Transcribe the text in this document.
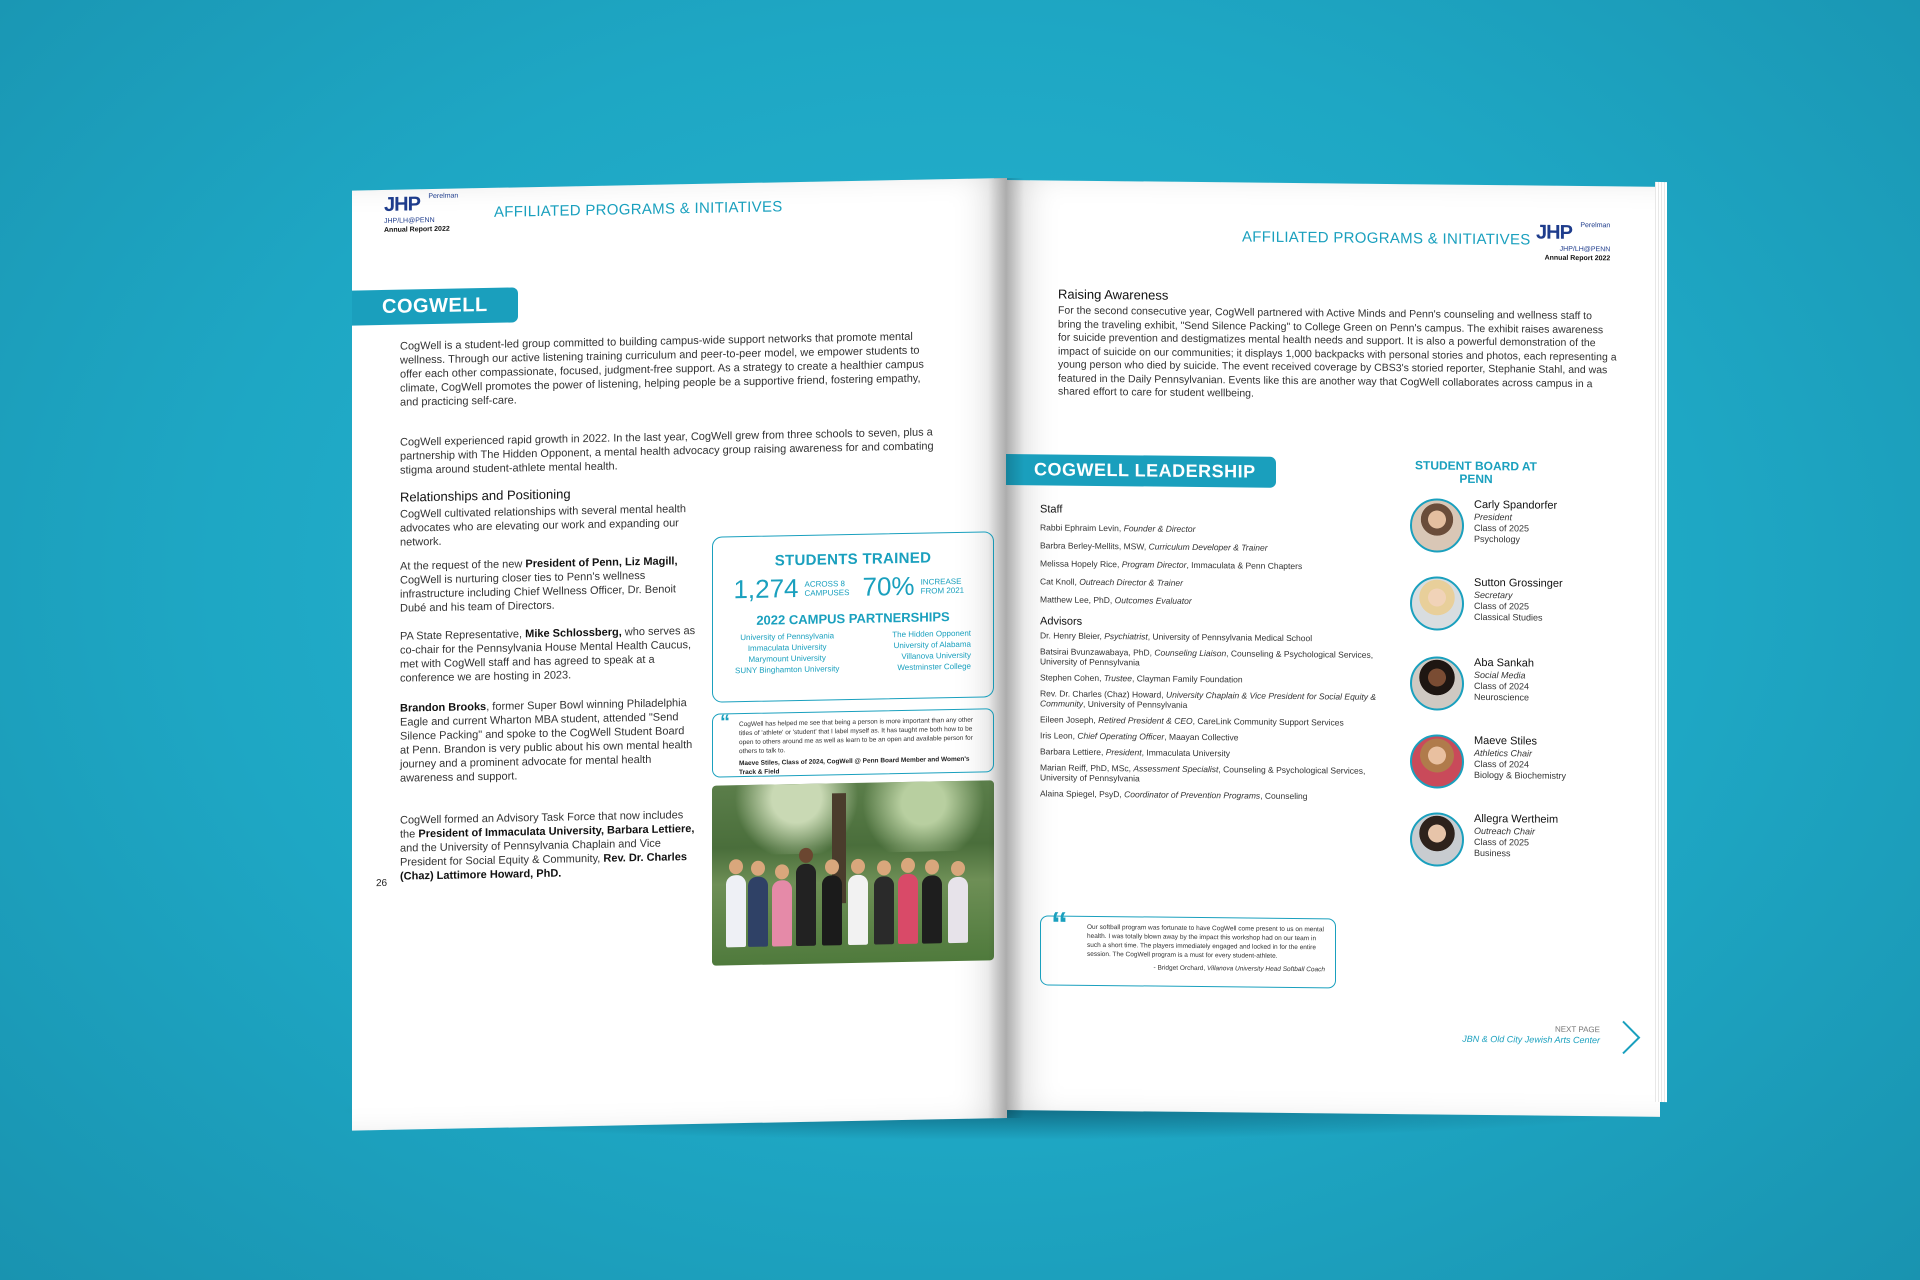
JHP Perelman
JHP/LH@PENN
Annual Report 2022
AFFILIATED PROGRAMS & INITIATIVES
COGWELL
CogWell is a student-led group committed to building campus-wide support networks that promote mental wellness. Through our active listening training curriculum and peer-to-peer model, we empower students to offer each other compassionate, focused, judgment-free support. As a strategy to create a healthier campus climate, CogWell promotes the power of listening, helping people be a supportive friend, fostering empathy, and practicing self-care.
CogWell experienced rapid growth in 2022. In the last year, CogWell grew from three schools to seven, plus a partnership with The Hidden Opponent, a mental health advocacy group raising awareness for and combating stigma around student-athlete mental health.
Relationships and Positioning
CogWell cultivated relationships with several mental health advocates who are elevating our work and expanding our network.
At the request of the new President of Penn, Liz Magill, CogWell is nurturing closer ties to Penn's wellness infrastructure including Chief Wellness Officer, Dr. Benoit Dubé and his team of Directors.
PA State Representative, Mike Schlossberg, who serves as co-chair for the Pennsylvania House Mental Health Caucus, met with CogWell staff and has agreed to speak at a conference we are hosting in 2023.
Brandon Brooks, former Super Bowl winning Philadelphia Eagle and current Wharton MBA student, attended "Send Silence Packing" and spoke to the CogWell Student Board at Penn. Brandon is very public about his own mental health journey and a prominent advocate for mental health awareness and support.
CogWell formed an Advisory Task Force that now includes the President of Immaculata University, Barbara Lettiere, and the University of Pennsylvania Chaplain and Vice President for Social Equity & Community, Rev. Dr. Charles (Chaz) Lattimore Howard, PhD.
STUDENTS TRAINED
1,274 ACROSS 8 CAMPUSES 70% INCREASE FROM 2021
2022 CAMPUS PARTNERSHIPS
University of Pennsylvania
Immaculata University
Marymount University
SUNY Binghamton University
The Hidden Opponent
University of Alabama
Villanova University
Westminster College
“ CogWell has helped me see that being a person is more important than any other titles of 'athlete' or 'student' that I label myself as. It has taught me both how to be open to others around me as well as learn to be an open and available person for others to talk to.
Maeve Stiles, Class of 2024, CogWell @ Penn Board Member and Women's Track & Field
26
AFFILIATED PROGRAMS & INITIATIVES JHP Perelman
JHP/LH@PENN
Annual Report 2022
Raising Awareness
For the second consecutive year, CogWell partnered with Active Minds and Penn's counseling and wellness staff to bring the traveling exhibit, "Send Silence Packing" to College Green on Penn's campus. The exhibit raises awareness for suicide prevention and destigmatizes mental health needs and support. It is also a powerful demonstration of the impact of suicide on our communities; it displays 1,000 backpacks with personal stories and photos, each representing a young person who died by suicide. The event received coverage by CBS3's storied reporter, Stephanie Stahl, and was featured in the Daily Pennsylvanian. Events like this are another way that CogWell collaborates across campus in a shared effort to care for student wellbeing.
COGWELL LEADERSHIP
Staff
Rabbi Ephraim Levin, Founder & Director
Barbra Berley-Mellits, MSW, Curriculum Developer & Trainer
Melissa Hopely Rice, Program Director, Immaculata & Penn Chapters
Cat Knoll, Outreach Director & Trainer
Matthew Lee, PhD, Outcomes Evaluator
Advisors
Dr. Henry Bleier, Psychiatrist, University of Pennsylvania Medical School
Batsirai Bvunzawabaya, PhD, Counseling Liaison, Counseling & Psychological Services, University of Pennsylvania
Stephen Cohen, Trustee, Clayman Family Foundation
Rev. Dr. Charles (Chaz) Howard, University Chaplain & Vice President for Social Equity & Community, University of Pennsylvania
Eileen Joseph, Retired President & CEO, CareLink Community Support Services
Iris Leon, Chief Operating Officer, Maayan Collective
Barbara Lettiere, President, Immaculata University
Marian Reiff, PhD, MSc, Assessment Specialist, Counseling & Psychological Services, University of Pennsylvania
Alaina Spiegel, PsyD, Coordinator of Prevention Programs, Counseling
STUDENT BOARD AT PENN
Carly Spandorfer
President
Class of 2025
Psychology
Sutton Grossinger
Secretary
Class of 2025
Classical Studies
Aba Sankah
Social Media
Class of 2024
Neuroscience
Maeve Stiles
Athletics Chair
Class of 2024
Biology & Biochemistry
Allegra Wertheim
Outreach Chair
Class of 2025
Business
“	Our softball program was fortunate to have CogWell come present to us on mental health. I was totally blown away by the impact this workshop had on our team in such a short time. The players immediately engaged and locked in for the entire session. The CogWell program is a must for every student-athlete.
- Bridget Orchard, Villanova University Head Softball Coach
NEXT PAGE
JBN & Old City Jewish Arts Center
